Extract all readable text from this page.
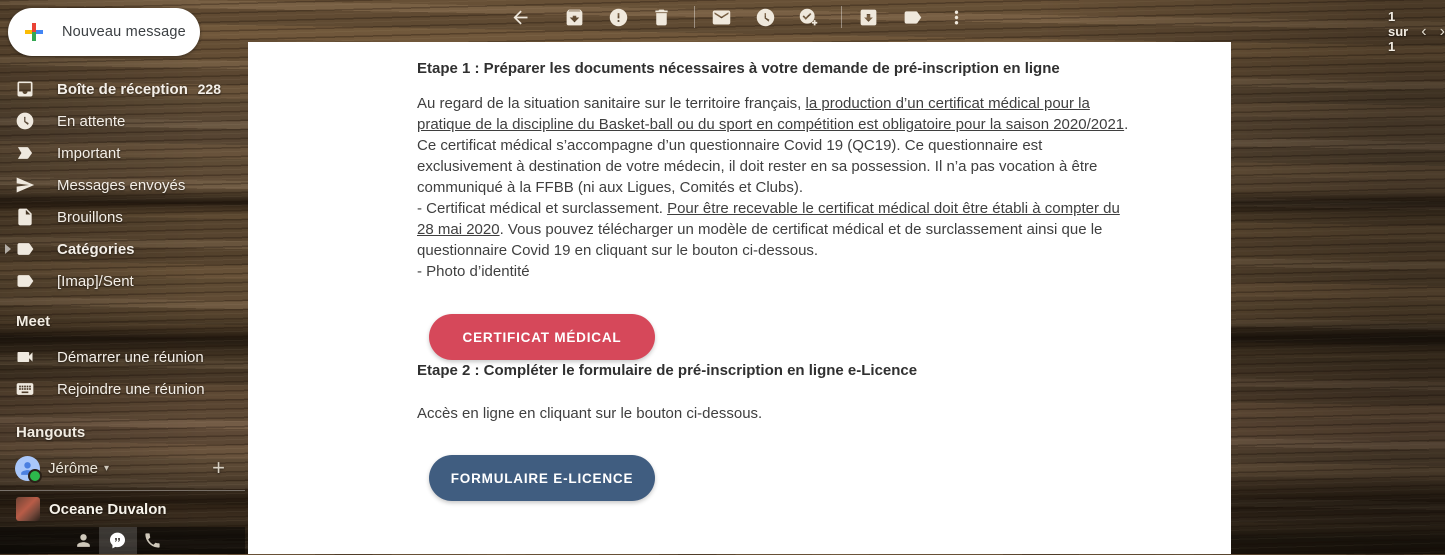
1 sur 1
‹ ›
Nouveau message
Boîte de réception 228
En attente
Important
Messages envoyés
Brouillons
Catégories
[Imap]/Sent
Meet
Démarrer une réunion
Rejoindre une réunion
Hangouts
Jérôme ▾	+
Oceane Duvalon
Etape 1 : Préparer les documents nécessaires à votre demande de pré-inscription en ligne

Au regard de la situation sanitaire sur le territoire français, la production d’un certificat médical pour la pratique de la discipline du Basket-ball ou du sport en compétition est obligatoire pour la saison 2020/2021. Ce certificat médical s’accompagne d’un questionnaire Covid 19 (QC19). Ce questionnaire est exclusivement à destination de votre médecin, il doit rester en sa possession. Il n’a pas vocation à être communiqué à la FFBB (ni aux Ligues, Comités et Clubs).

- Certificat médical et surclassement. Pour être recevable le certificat médical doit être établi à compter du 28 mai 2020. Vous pouvez télécharger un modèle de certificat médical et de surclassement ainsi que le questionnaire Covid 19 en cliquant sur le bouton ci-dessous.
- Photo d’identité

CERTIFICAT MÉDICAL
Etape 2 : Compléter le formulaire de pré-inscription en ligne e-Licence

Accès en ligne en cliquant sur le bouton ci-dessous.

FORMULAIRE E-LICENCE
